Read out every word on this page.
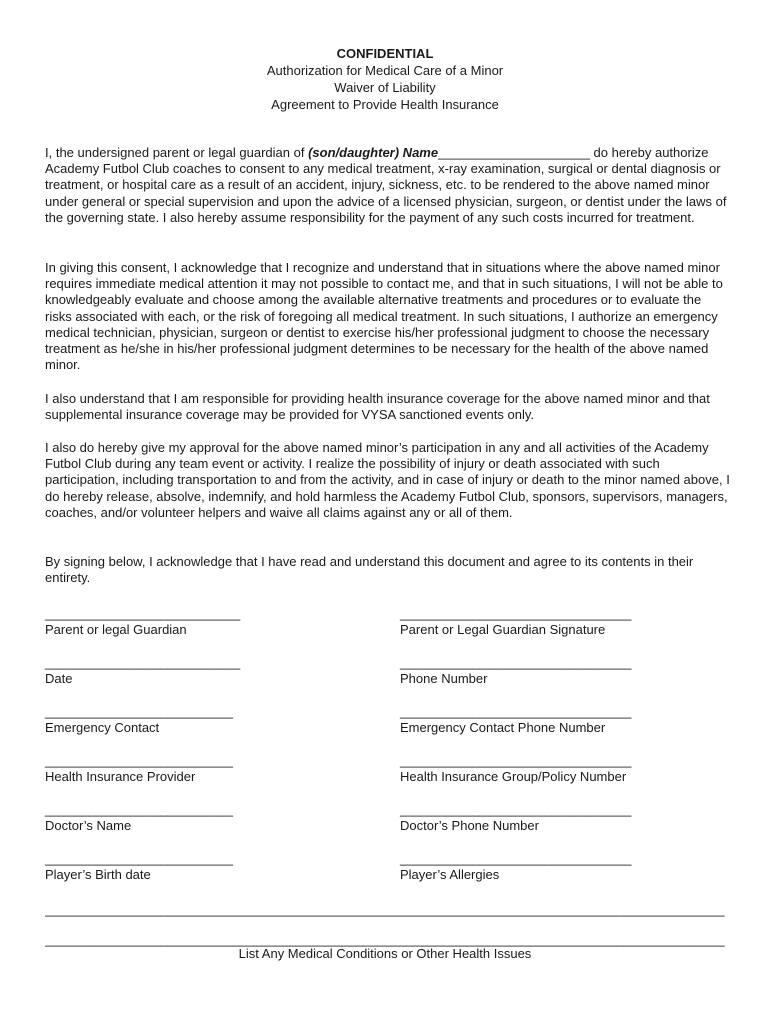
CONFIDENTIAL
Authorization for Medical Care of a Minor
Waiver of Liability
Agreement to Provide Health Insurance
I, the undersigned parent or legal guardian of (son/daughter) Name_____________________ do hereby authorize Academy Futbol Club coaches to consent to any medical treatment, x-ray examination, surgical or dental diagnosis or treatment, or hospital care as a result of an accident, injury, sickness, etc. to be rendered to the above named minor under general or special supervision and upon the advice of a licensed physician, surgeon, or dentist under the laws of the governing state. I also hereby assume responsibility for the payment of any such costs incurred for treatment.
In giving this consent, I acknowledge that I recognize and understand that in situations where the above named minor requires immediate medical attention it may not possible to contact me, and that in such situations, I will not be able to knowledgeably evaluate and choose among the available alternative treatments and procedures or to evaluate the risks associated with each, or the risk of foregoing all medical treatment. In such situations, I authorize an emergency medical technician, physician, surgeon or dentist to exercise his/her professional judgment to choose the necessary treatment as he/she in his/her professional judgment determines to be necessary for the health of the above named minor.
I also understand that I am responsible for providing health insurance coverage for the above named minor and that supplemental insurance coverage may be provided for VYSA sanctioned events only.
I also do hereby give my approval for the above named minor’s participation in any and all activities of the Academy Futbol Club during any team event or activity. I realize the possibility of injury or death associated with such participation, including transportation to and from the activity, and in case of injury or death to the minor named above, I do hereby release, absolve, indemnify, and hold harmless the Academy Futbol Club, sponsors, supervisors, managers, coaches, and/or volunteer helpers and waive all claims against any or all of them.
By signing below, I acknowledge that I have read and understand this document and agree to its contents in their entirety.
___________________________
Parent or legal Guardian
________________________________
Parent or Legal Guardian Signature
___________________________
Date
________________________________
Phone Number
__________________________
Emergency Contact
________________________________
Emergency Contact Phone Number
__________________________
Health Insurance Provider
________________________________
Health Insurance Group/Policy Number
__________________________
Doctor’s Name
________________________________
Doctor’s Phone Number
__________________________
Player’s Birth date
________________________________
Player’s Allergies
______________________________________________________________________________________________
______________________________________________________________________________________________
List Any Medical Conditions or Other Health Issues
